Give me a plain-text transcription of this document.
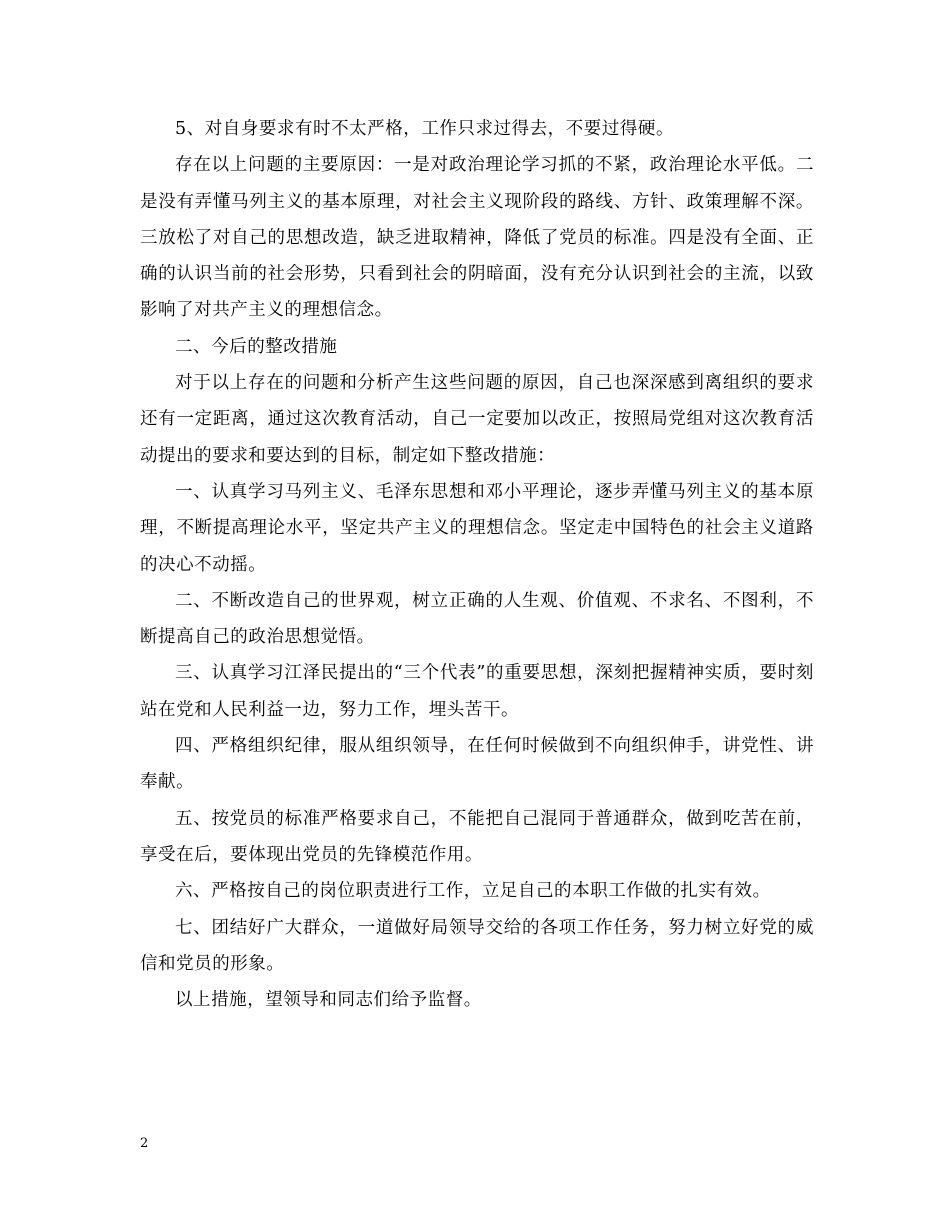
5、对自身要求有时不太严格，工作只求过得去，不要过得硬。

存在以上问题的主要原因：一是对政治理论学习抓的不紧，政治理论水平低。二是没有弄懂马列主义的基本原理，对社会主义现阶段的路线、方针、政策理解不深。三放松了对自己的思想改造，缺乏进取精神，降低了党员的标准。四是没有全面、正确的认识当前的社会形势，只看到社会的阴暗面，没有充分认识到社会的主流，以致影响了对共产主义的理想信念。

二、今后的整改措施

对于以上存在的问题和分析产生这些问题的原因，自己也深深感到离组织的要求还有一定距离，通过这次教育活动，自己一定要加以改正，按照局党组对这次教育活动提出的要求和要达到的目标，制定如下整改措施：

一、认真学习马列主义、毛泽东思想和邓小平理论，逐步弄懂马列主义的基本原理，不断提高理论水平，坚定共产主义的理想信念。坚定走中国特色的社会主义道路的决心不动摇。

二、不断改造自己的世界观，树立正确的人生观、价值观、不求名、不图利，不断提高自己的政治思想觉悟。

三、认真学习江泽民提出的“三个代表”的重要思想，深刻把握精神实质，要时刻站在党和人民利益一边，努力工作，埋头苦干。

四、严格组织纪律，服从组织领导，在任何时候做到不向组织伸手，讲党性、讲奉献。

五、按党员的标准严格要求自己，不能把自己混同于普通群众，做到吃苦在前，享受在后，要体现出党员的先锋模范作用。

六、严格按自己的岗位职责进行工作，立足自己的本职工作做的扎实有效。

七、团结好广大群众，一道做好局领导交给的各项工作任务，努力树立好党的威信和党员的形象。

以上措施，望领导和同志们给予监督。

2
